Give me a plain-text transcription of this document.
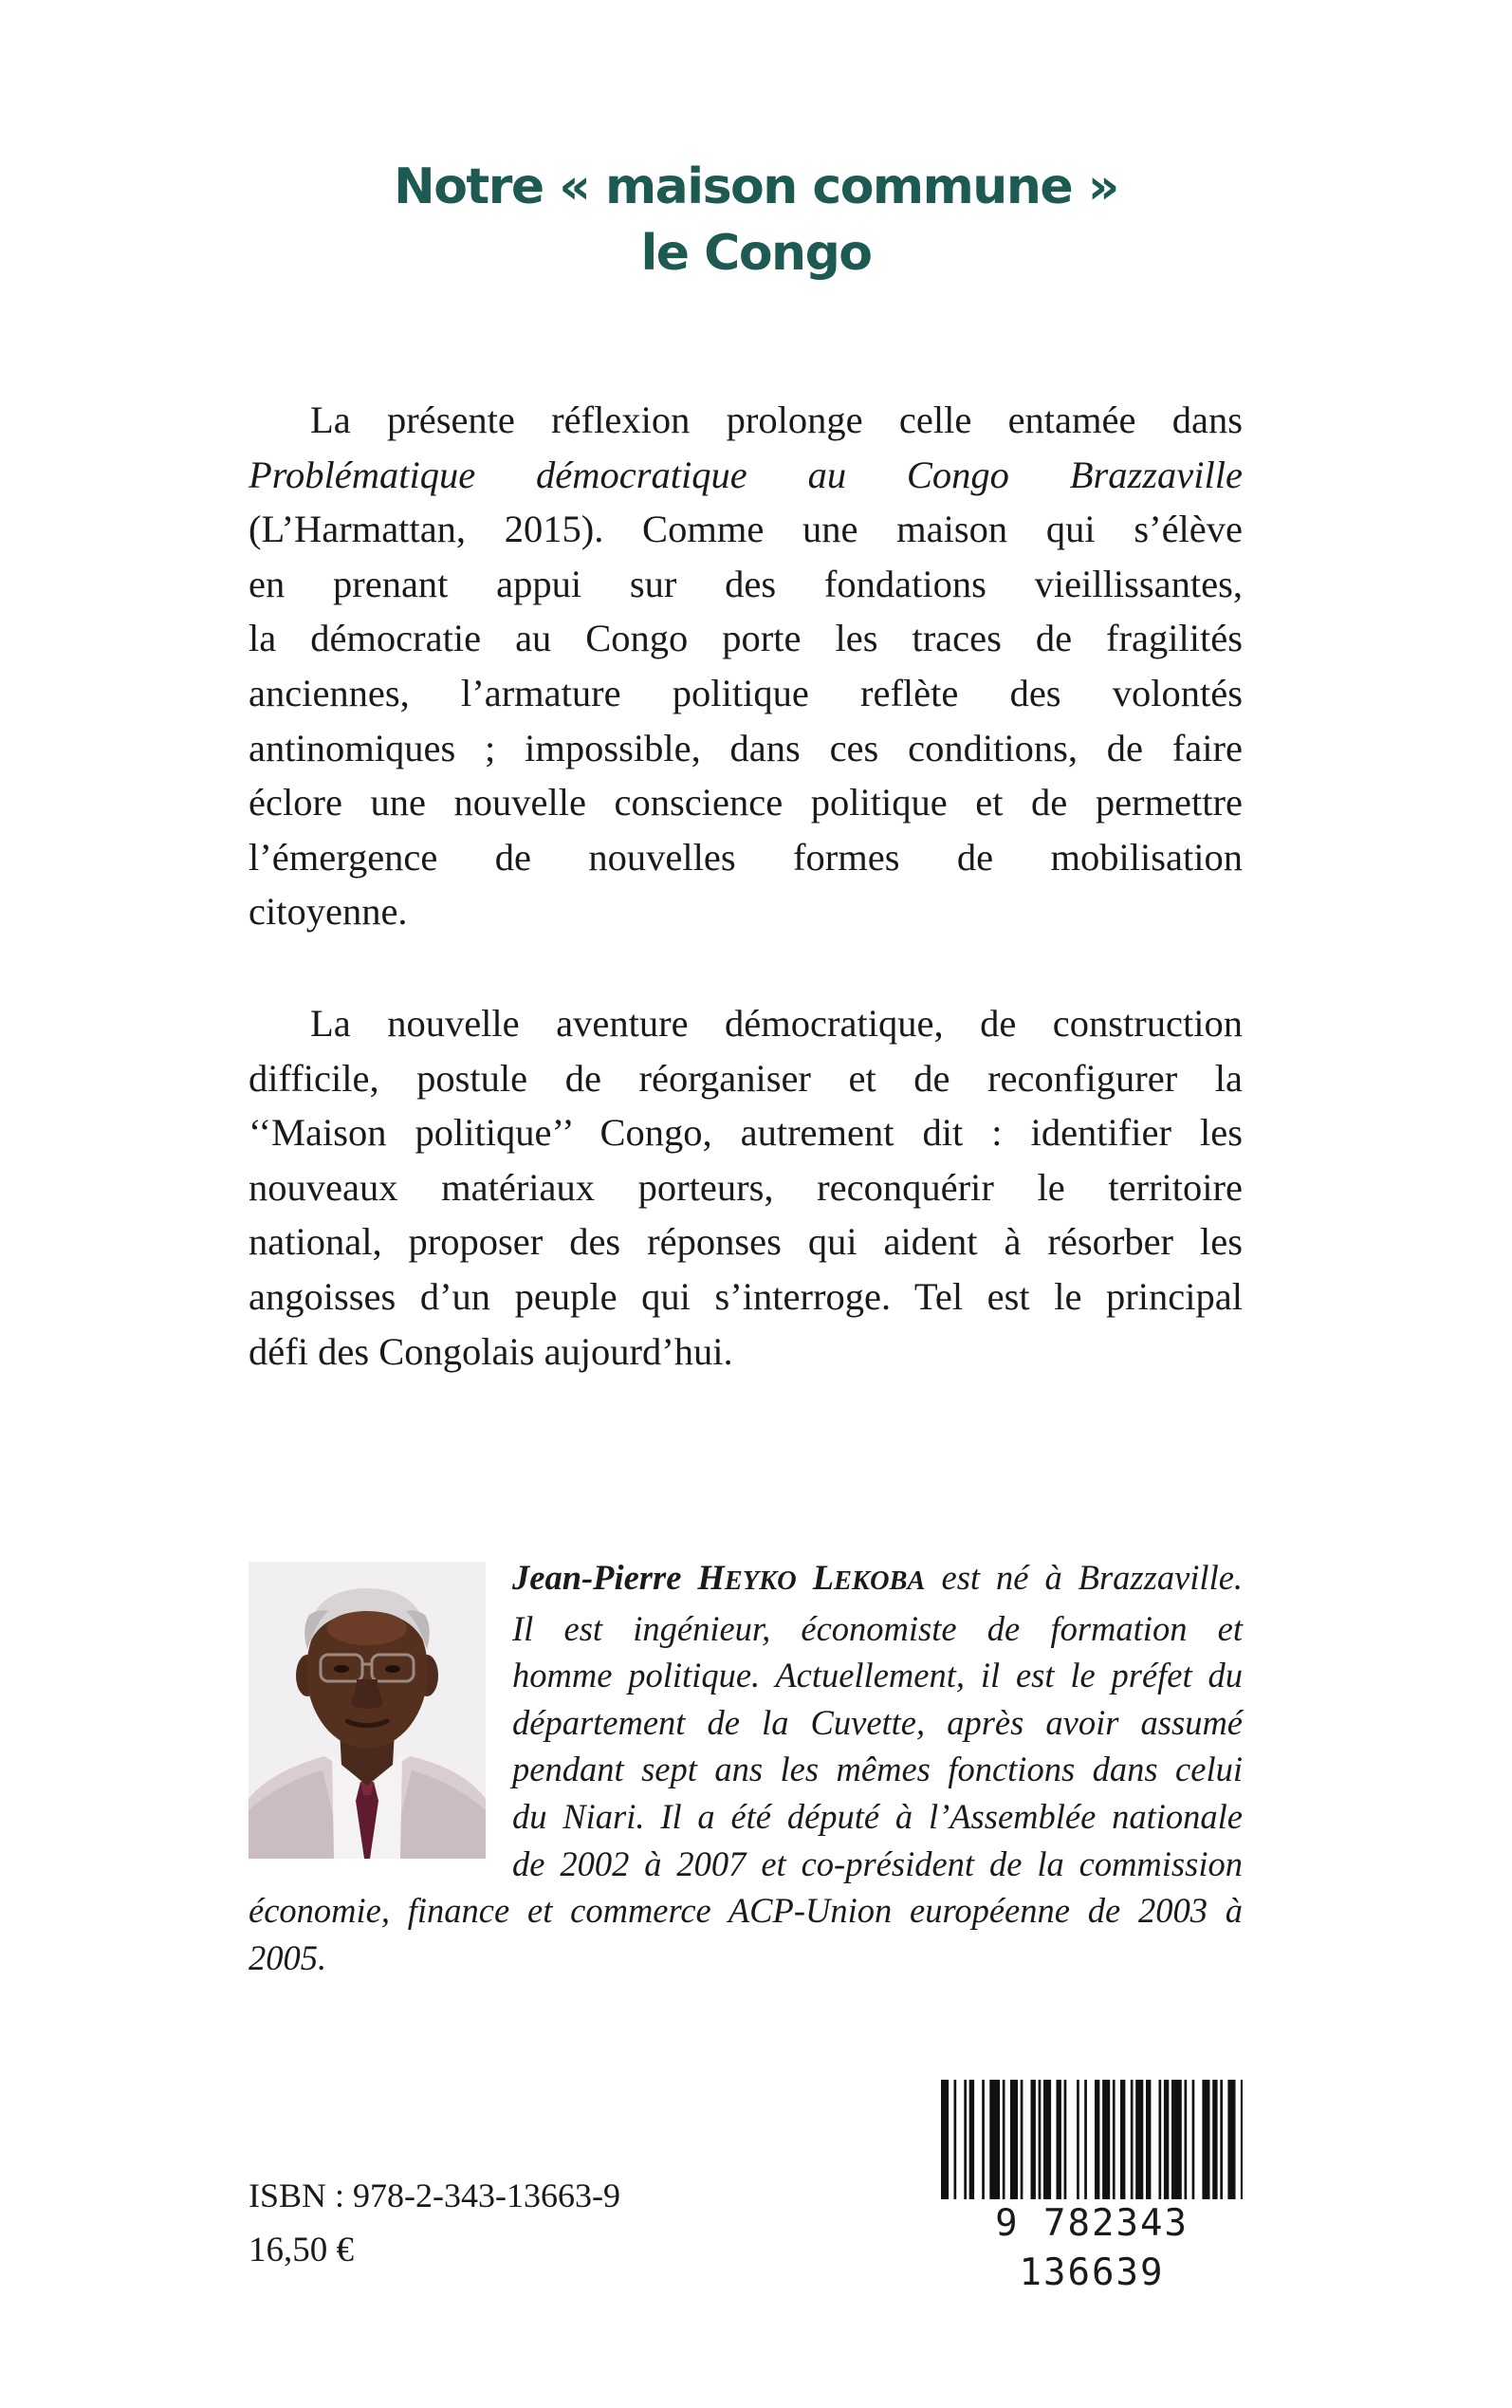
Notre « maison commune »
le Congo
La présente réflexion prolonge celle entamée dans
Problématique démocratique au Congo Brazzaville
(L’Harmattan, 2015). Comme une maison qui s’élève
en prenant appui sur des fondations vieillissantes,
la démocratie au Congo porte les traces de fragilités
anciennes, l’armature politique reflète des volontés
antinomiques ; impossible, dans ces conditions, de faire
éclore une nouvelle conscience politique et de permettre
l’émergence de nouvelles formes de mobilisation
citoyenne.
La nouvelle aventure démocratique, de construction
difficile, postule de réorganiser et de reconfigurer la
‘‘Maison politique’’ Congo, autrement dit : identifier les
nouveaux matériaux porteurs, reconquérir le territoire
national, proposer des réponses qui aident à résorber les
angoisses d’un peuple qui s’interroge. Tel est le principal
défi des Congolais aujourd’hui.
Jean-Pierre HEYKO LEKOBA est né à Brazzaville.
Il est ingénieur, économiste de formation et
homme politique. Actuellement, il est le préfet du
département de la Cuvette, après avoir assumé
pendant sept ans les mêmes fonctions dans celui
du Niari. Il a été député à l’Assemblée nationale
de 2002 à 2007 et co-président de la commission
économie, finance et commerce ACP-Union européenne de 2003 à
2005.
ISBN : 978-2-343-13663-9
16,50 €
9 782343 136639
